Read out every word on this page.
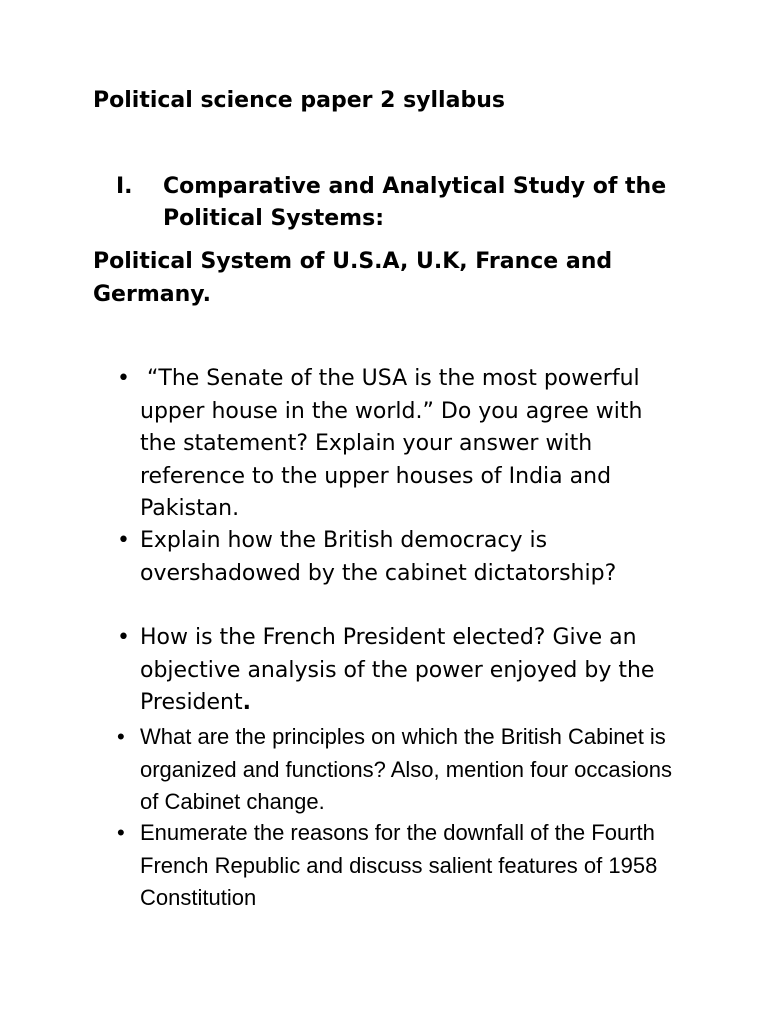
Political science paper 2 syllabus
I. Comparative and Analytical Study of the Political Systems:
Political System of U.S.A, U.K, France and Germany.
• “The Senate of the USA is the most powerful upper house in the world.” Do you agree with the statement? Explain your answer with reference to the upper houses of India and Pakistan.
• Explain how the British democracy is overshadowed by the cabinet dictatorship?
• How is the French President elected? Give an objective analysis of the power enjoyed by the President.
• What are the principles on which the British Cabinet is organized and functions? Also, mention four occasions of Cabinet change.
• Enumerate the reasons for the downfall of the Fourth French Republic and discuss salient features of 1958 Constitution
